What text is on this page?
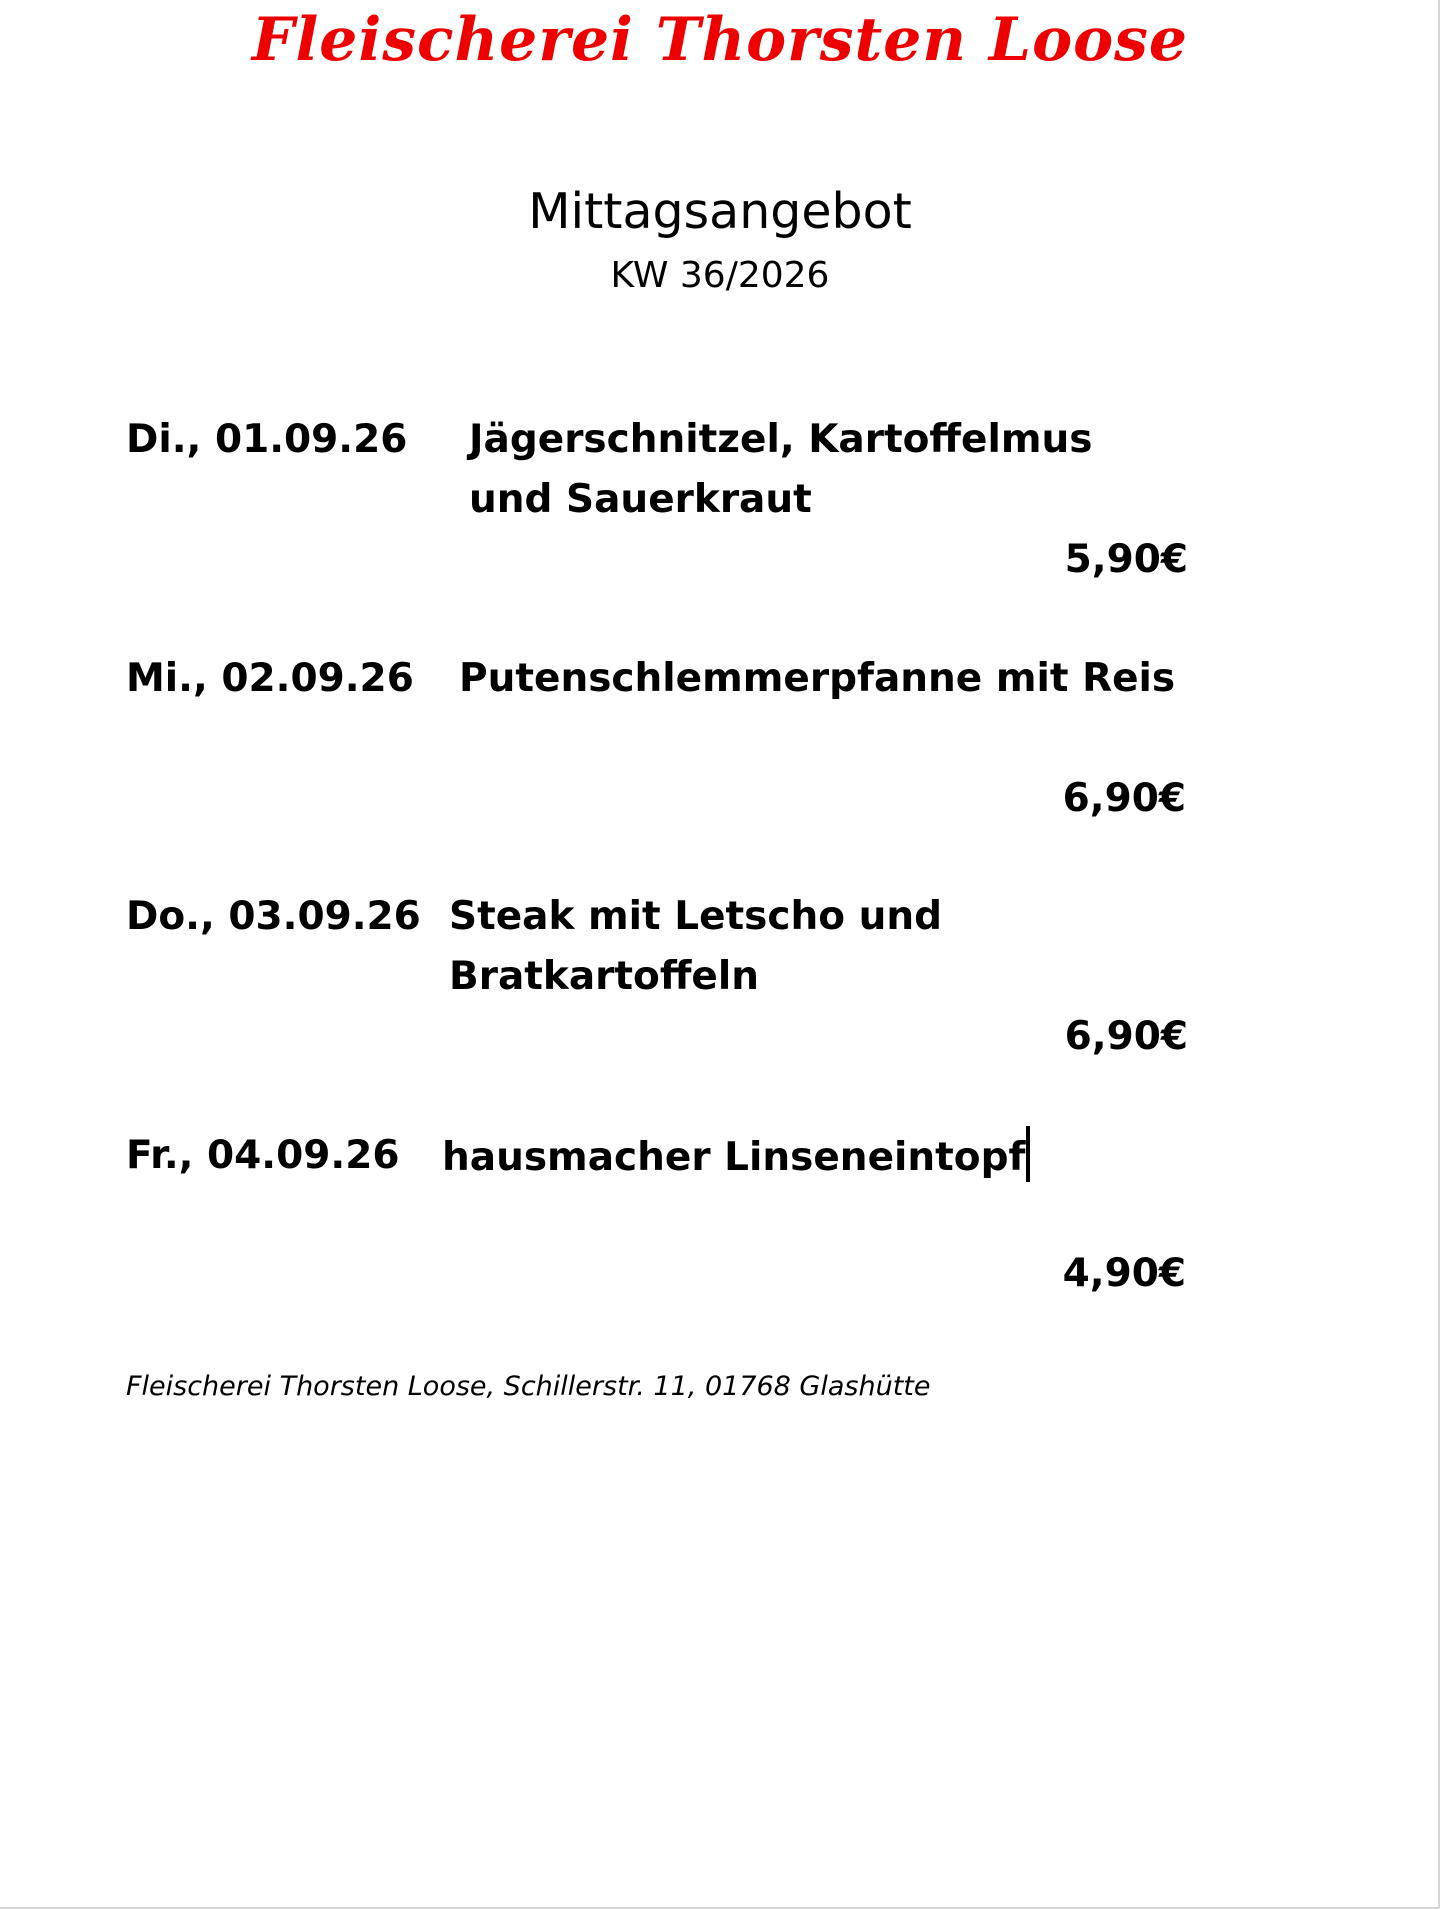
Fleischerei Thorsten Loose
Mittagsangebot
KW 36/2026
Di., 01.09.26 Jägerschnitzel, Kartoffelmus
und Sauerkraut
5,90€
Mi., 02.09.26 Putenschlemmerpfanne mit Reis
6,90€
Do., 03.09.26 Steak mit Letscho und
Bratkartoffeln
6,90€
Fr., 04.09.26 hausmacher Linseneintopf
4,90€
Fleischerei Thorsten Loose, Schillerstr. 11, 01768 Glashütte
